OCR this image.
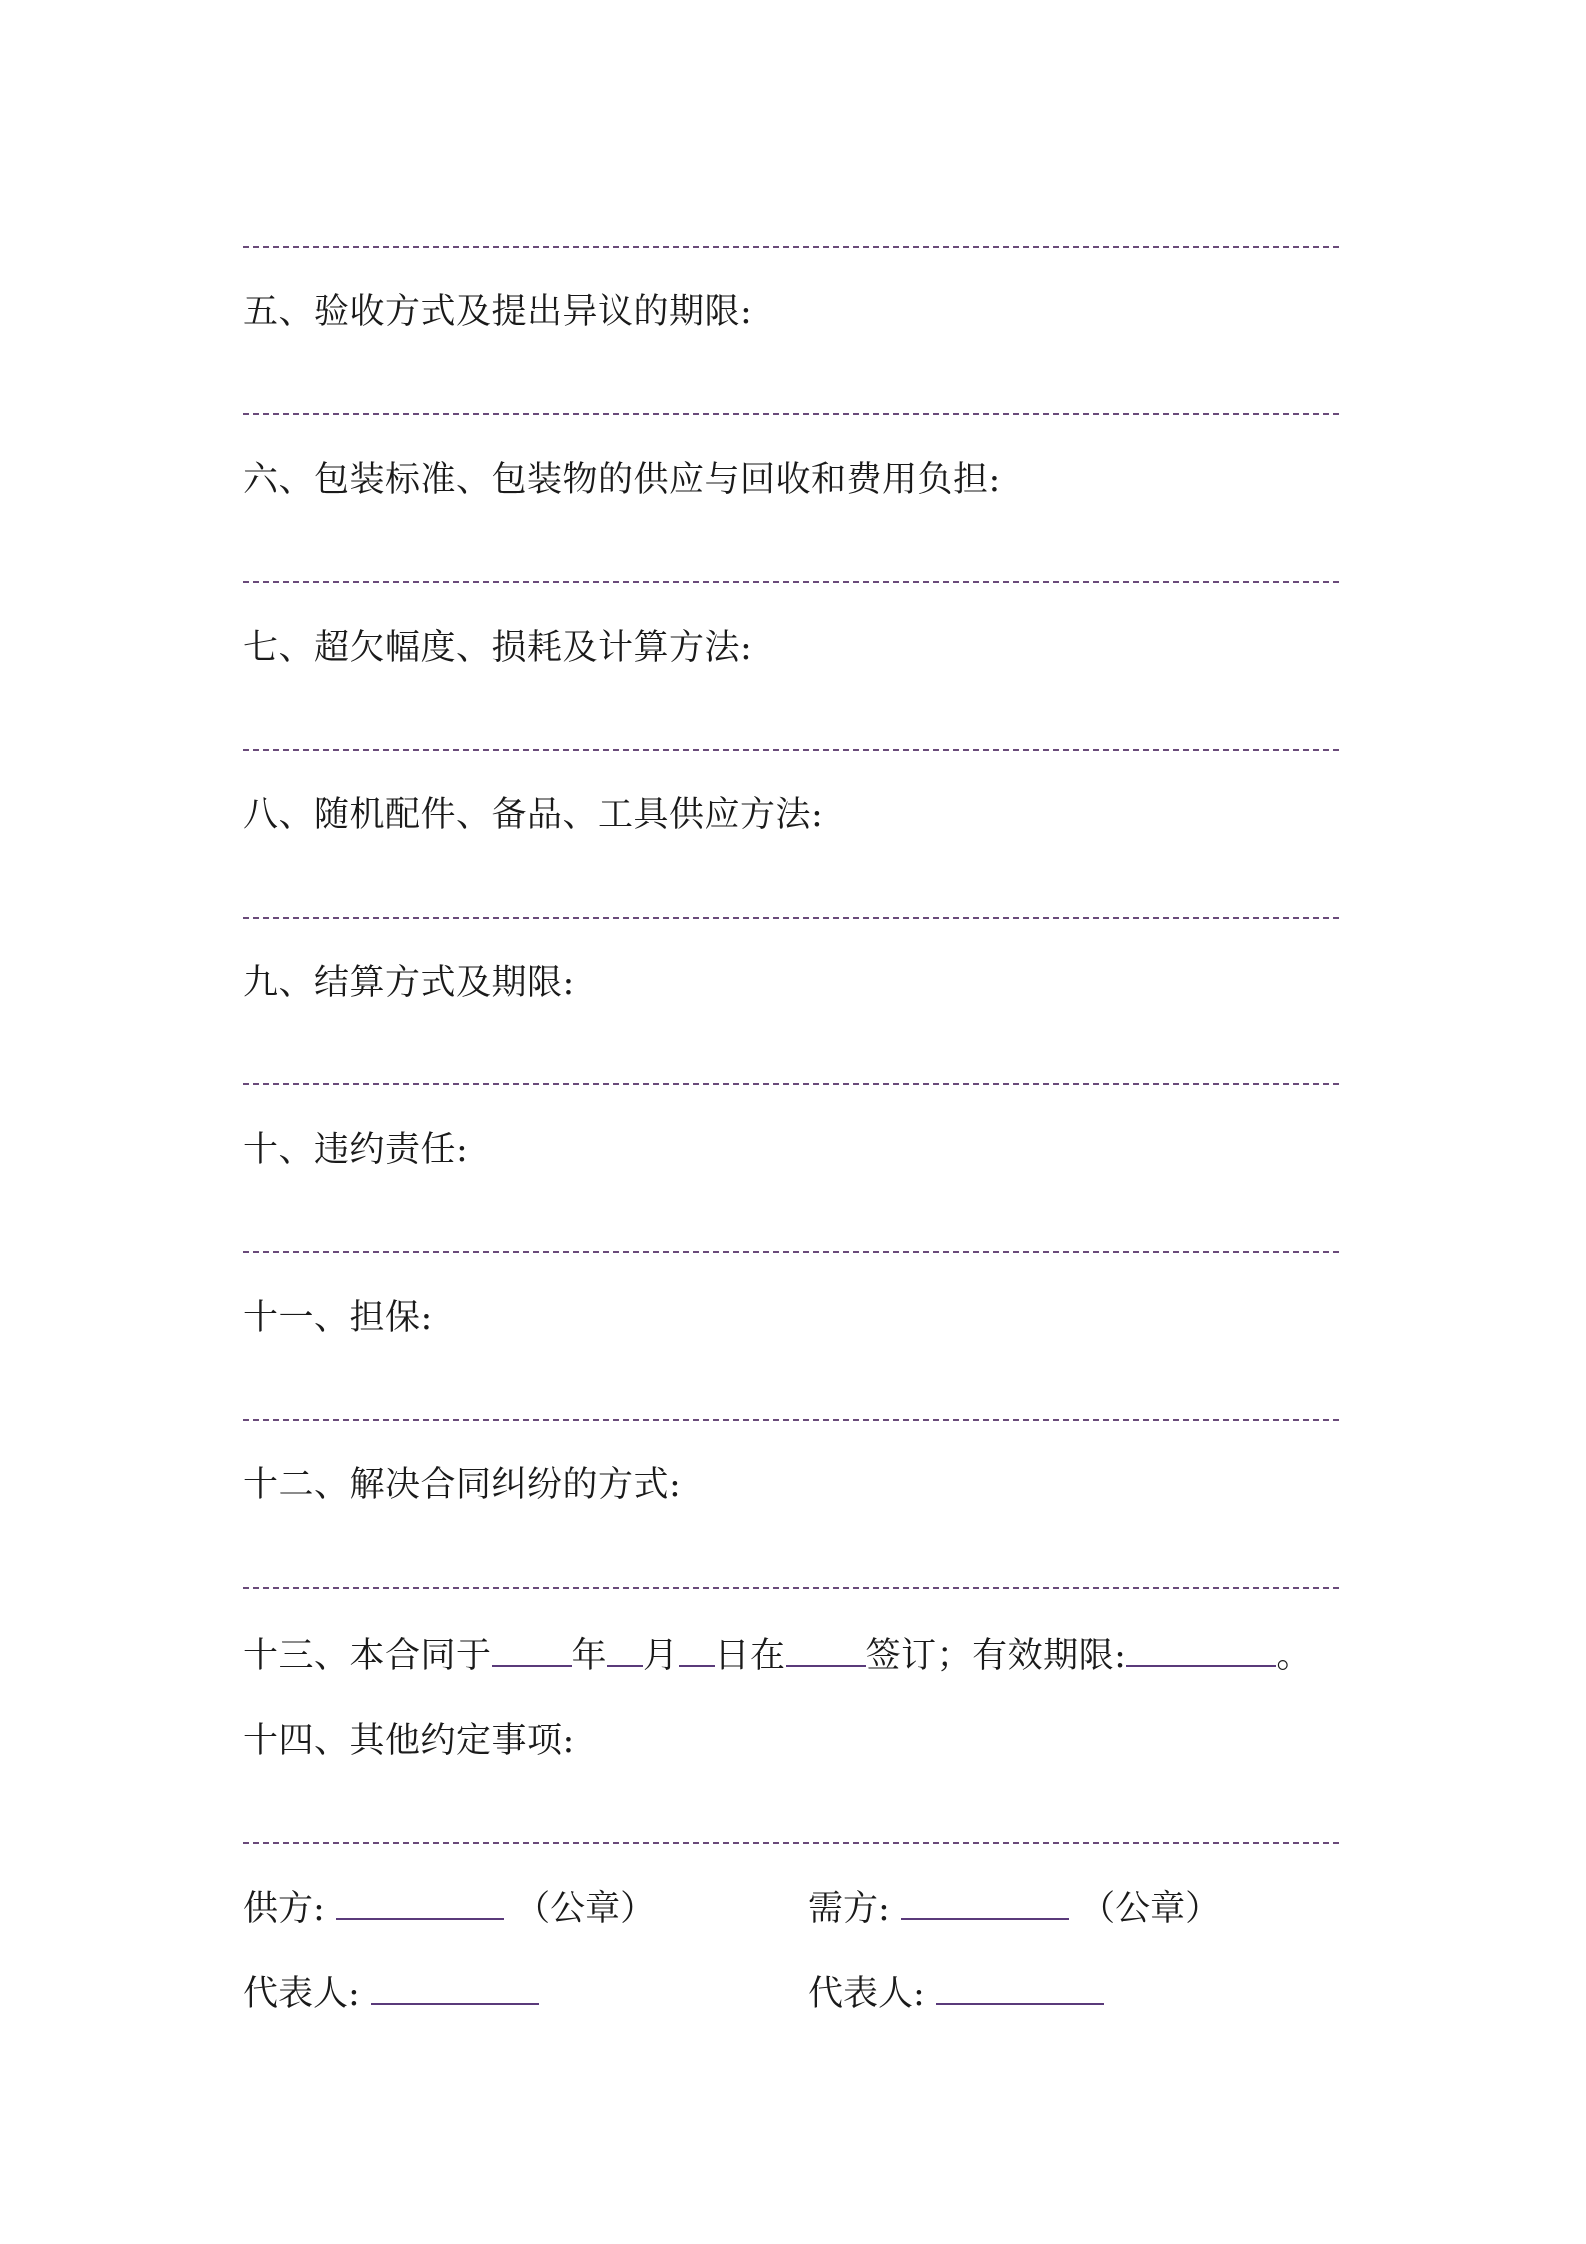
五、验收方式及提出异议的期限:
六、包装标准、包装物的供应与回收和费用负担:
七、超欠幅度、损耗及计算方法:
八、随机配件、备品、工具供应方法:
九、结算方式及期限:
十、违约责任:
十一、担保:
十二、解决合同纠纷的方式:
十三、本合同于 年 月 日在 签订；有效期限:	。
十四、其他约定事项:
供方:	（公章）	需方:	（公章）
代表人:	代表人:
